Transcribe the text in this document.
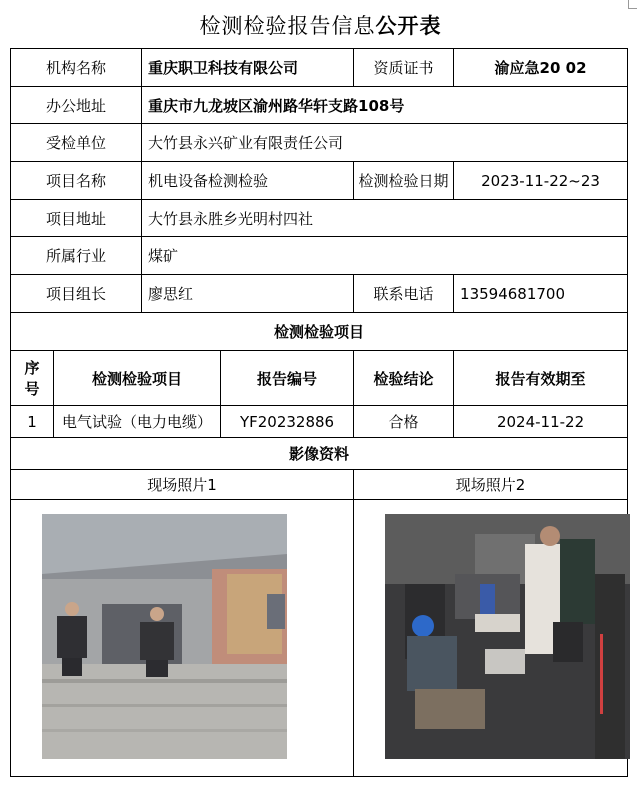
检测检验报告信息公开表
机构名称		重庆职卫科技有限公司		资质证书	渝应急20 02
办公地址		重庆市九龙坡区渝州路华轩支路108号			
受检单位		大竹县永兴矿业有限责任公司			
项目名称		机电设备检测检验		检测检验日期	2023-11-22~23
项目地址		大竹县永胜乡光明村四社			
所属行业		煤矿			
项目组长		廖思红		联系电话	13594681700
检测检验项目					
序
号	检测检验项目		报告编号	检验结论	报告有效期至
1	电气试验（电力电缆）		YF20232886	合格	2024-11-22
影像资料					
现场照片1				现场照片2	
